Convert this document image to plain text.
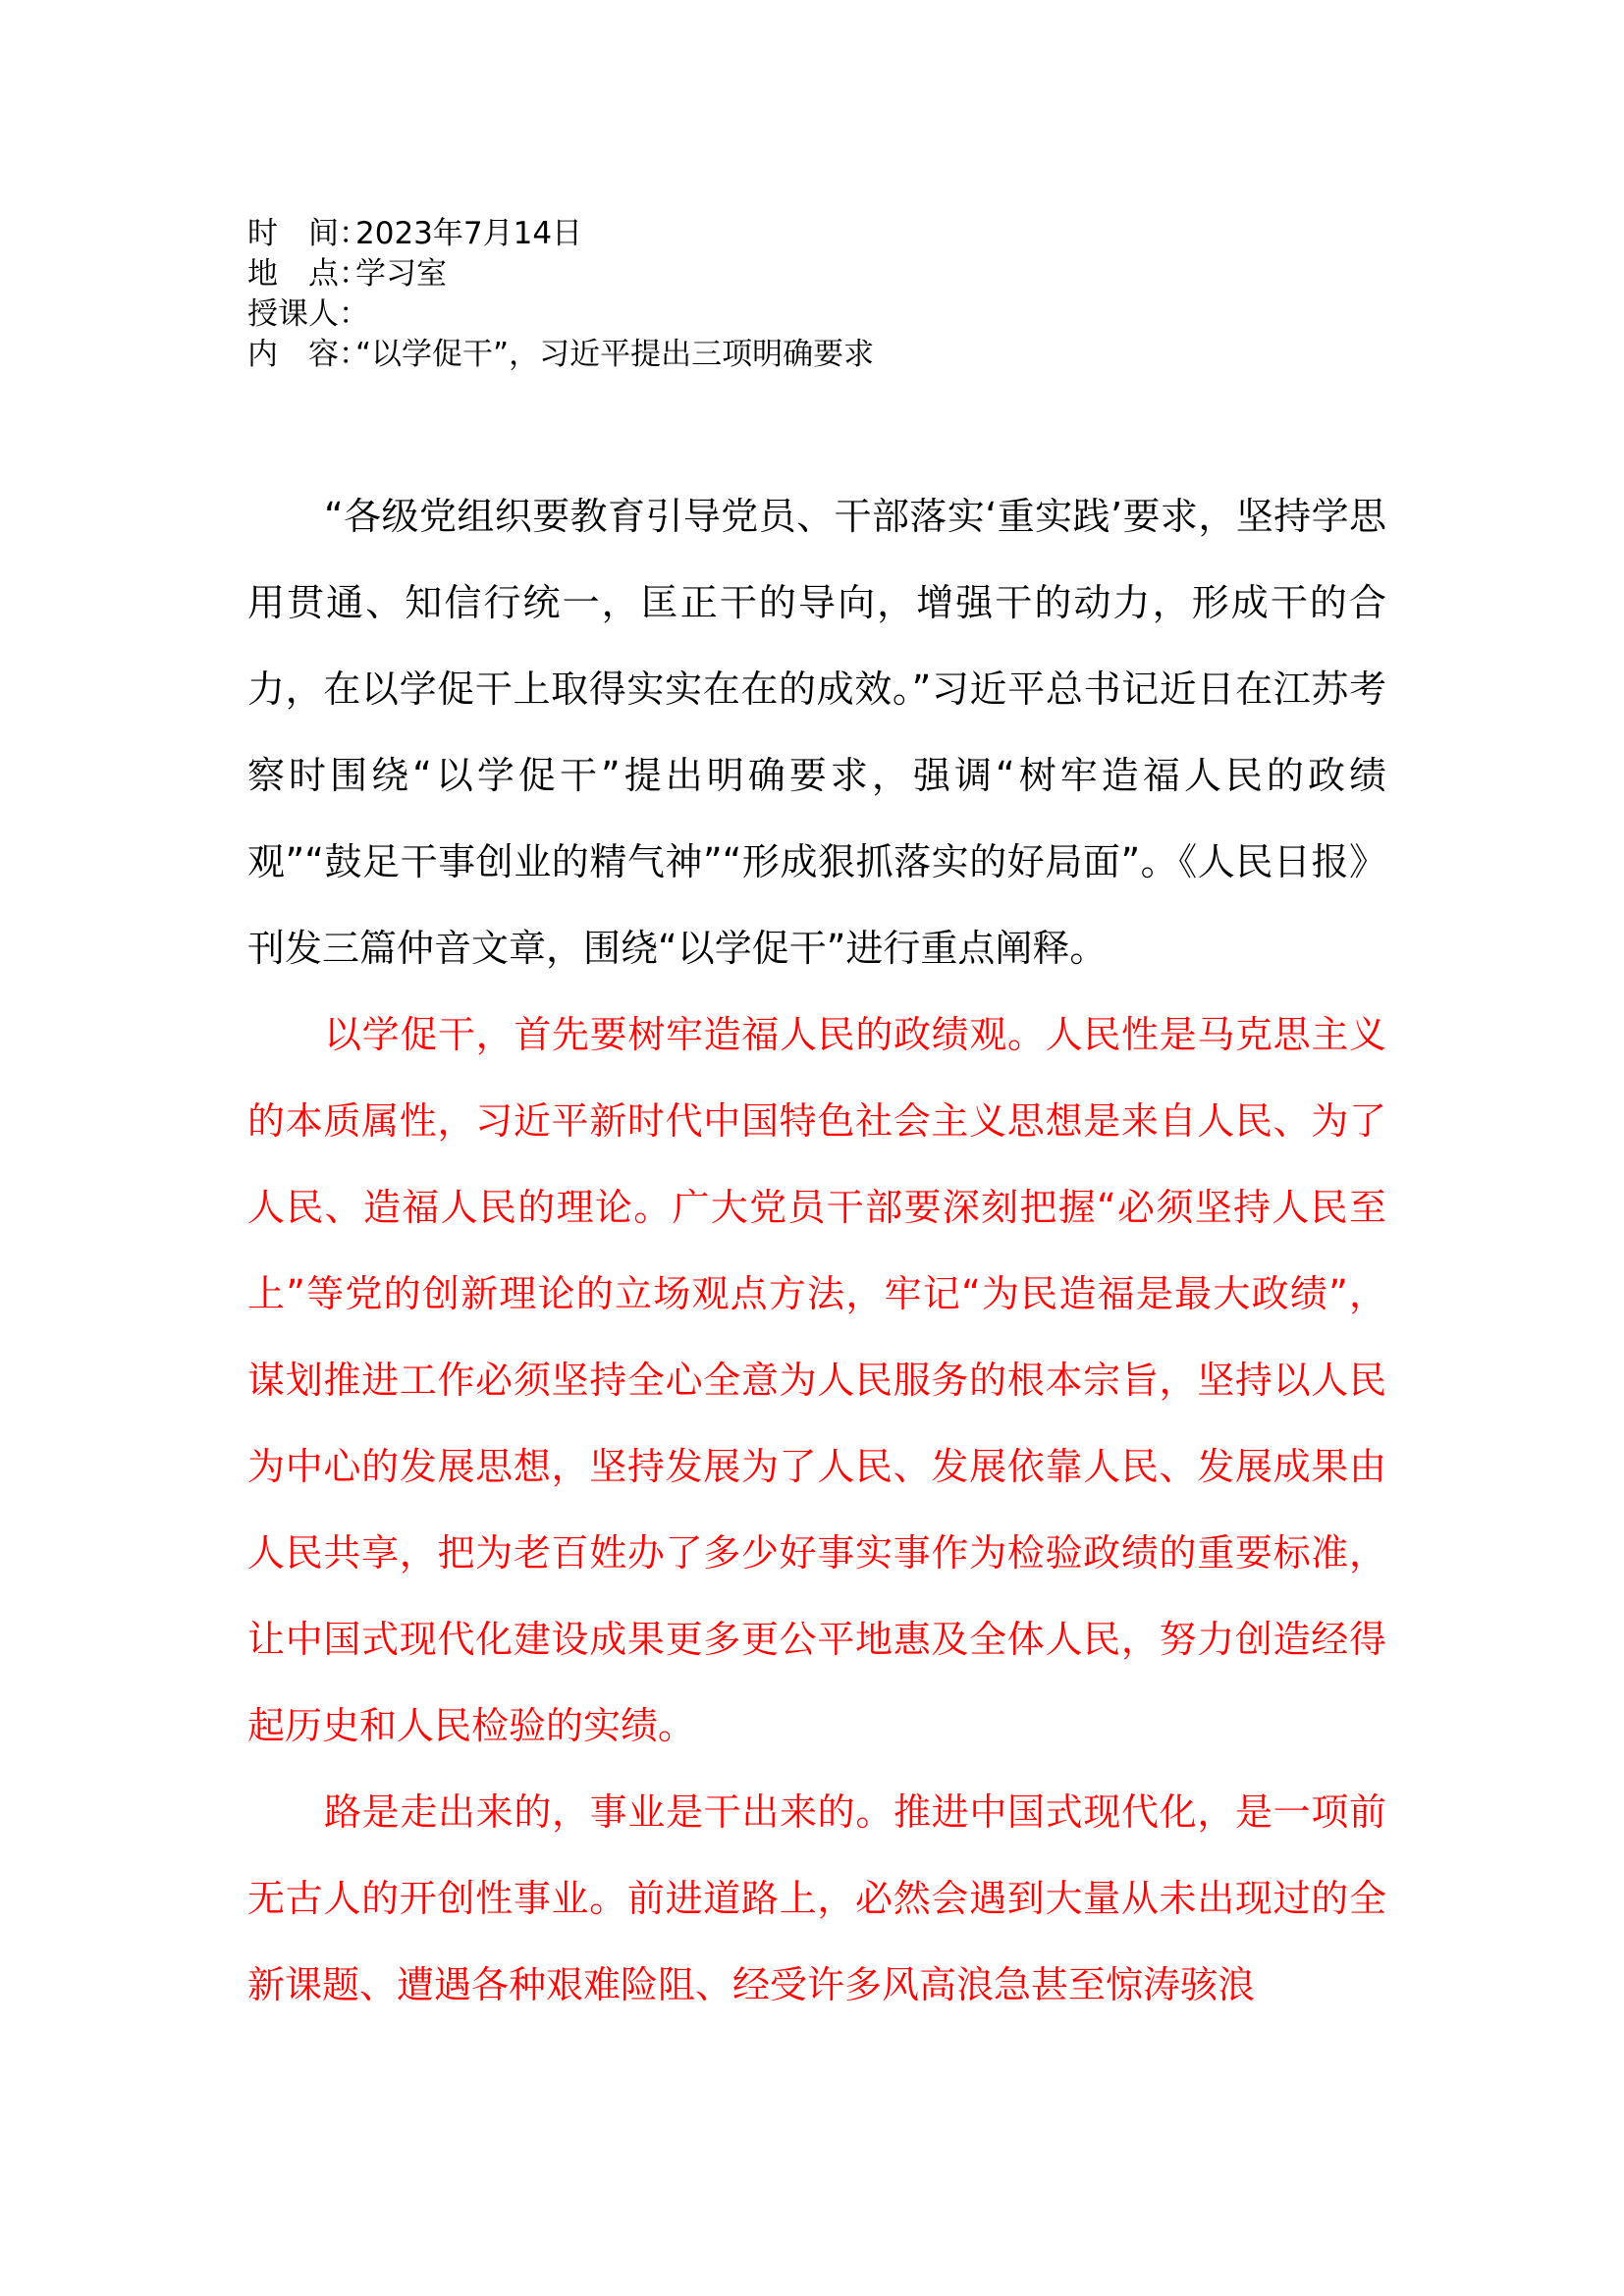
时　间：
2023年7月14日
地　点：
学习室
授课人：
内　容：
“以学促干”，习近平提出三项明确要求

“各级党组织要教育引导党员、干部落实‘重实践’要求，坚持学思用贯通、知信行统一，匡正干的导向，增强干的动力，形成干的合力，在以学促干上取得实实在在的成效。”习近平总书记近日在江苏考察时围绕“以学促干”提出明确要求，强调“树牢造福人民的政绩观”“鼓足干事创业的精气神”“形成狠抓落实的好局面”。《人民日报》刊发三篇仲音文章，围绕“以学促干”进行重点阐释。

以学促干，首先要树牢造福人民的政绩观。人民性是马克思主义的本质属性，习近平新时代中国特色社会主义思想是来自人民、为了人民、造福人民的理论。广大党员干部要深刻把握“必须坚持人民至上”等党的创新理论的立场观点方法，牢记“为民造福是最大政绩”，谋划推进工作必须坚持全心全意为人民服务的根本宗旨，坚持以人民为中心的发展思想，坚持发展为了人民、发展依靠人民、发展成果由人民共享，把为老百姓办了多少好事实事作为检验政绩的重要标准，让中国式现代化建设成果更多更公平地惠及全体人民，努力创造经得起历史和人民检验的实绩。

路是走出来的，事业是干出来的。推进中国式现代化，是一项前无古人的开创性事业。前进道路上，必然会遇到大量从未出现过的全新课题、遭遇各种艰难险阻、经受许多风高浪急甚至惊涛骇浪
